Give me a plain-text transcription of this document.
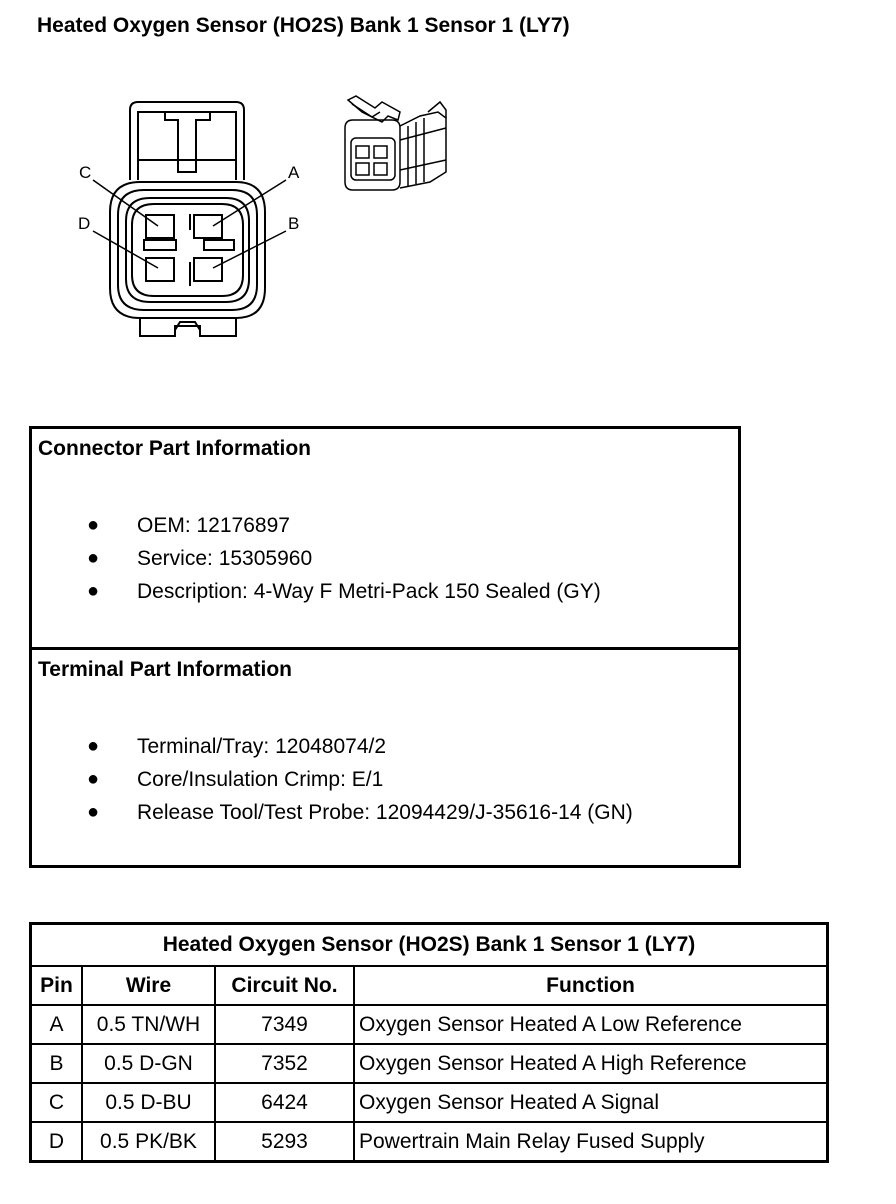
Heated Oxygen Sensor (HO2S) Bank 1 Sensor 1 (LY7)
C	A
D	B
Connector Part Information
● OEM: 12176897
● Service: 15305960
● Description: 4-Way F Metri-Pack 150 Sealed (GY)
Terminal Part Information
● Terminal/Tray: 12048074/2
● Core/Insulation Crimp: E/1
● Release Tool/Test Probe: 12094429/J-35616-14 (GN)
Heated Oxygen Sensor (HO2S) Bank 1 Sensor 1 (LY7)			
Pin	Wire	Circuit No.	Function
A	0.5 TN/WH	7349	Oxygen Sensor Heated A Low Reference
B	0.5 D-GN	7352	Oxygen Sensor Heated A High Reference
C	0.5 D-BU	6424	Oxygen Sensor Heated A Signal
D	0.5 PK/BK	5293	Powertrain Main Relay Fused Supply
